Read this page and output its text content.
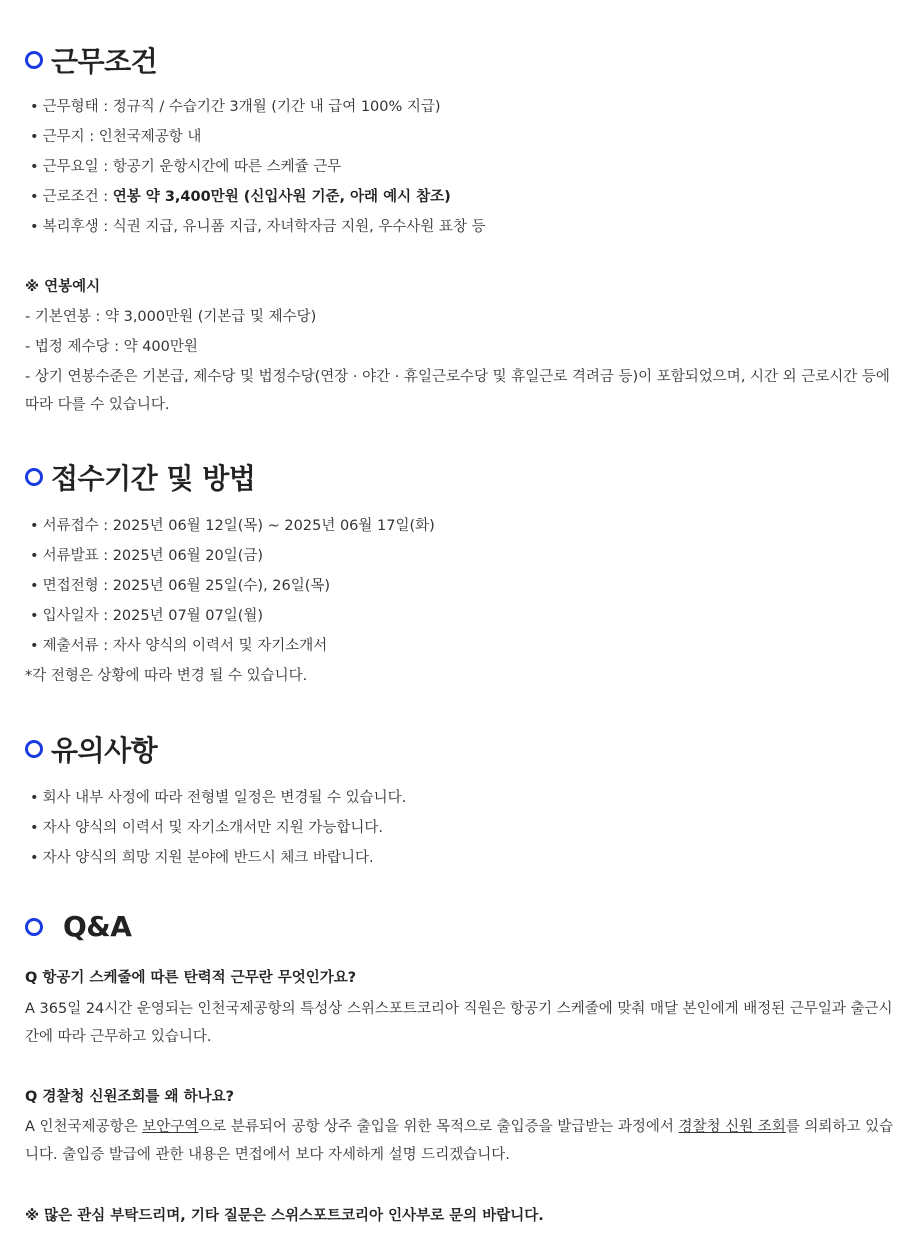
근무조건
• 근무형태 : 정규직 / 수습기간 3개월 (기간 내 급여 100% 지급)
• 근무지 : 인천국제공항 내
• 근무요일 : 항공기 운항시간에 따른 스케쥴 근무
• 근로조건 : 연봉 약 3,400만원 (신입사원 기준, 아래 예시 참조)
• 복리후생 : 식권 지급, 유니폼 지급, 자녀학자금 지원, 우수사원 표창 등
※ 연봉예시
- 기본연봉 : 약 3,000만원 (기본급 및 제수당)
- 법정 제수당 : 약 400만원
- 상기 연봉수준은 기본급, 제수당 및 법정수당(연장 · 야간 · 휴일근로수당 및 휴일근로 격려금 등)이 포함되었으며, 시간 외 근로시간 등에 따라 다를 수 있습니다.
접수기간 및 방법
• 서류접수 : 2025년 06월 12일(목) ~ 2025년 06월 17일(화)
• 서류발표 : 2025년 06월 20일(금)
• 면접전형 : 2025년 06월 25일(수), 26일(목)
• 입사일자 : 2025년 07월 07일(월)
• 제출서류 : 자사 양식의 이력서 및 자기소개서
*각 전형은 상황에 따라 변경 될 수 있습니다.
유의사항
• 회사 내부 사정에 따라 전형별 일정은 변경될 수 있습니다.
• 자사 양식의 이력서 및 자기소개서만 지원 가능합니다.
• 자사 양식의 희망 지원 분야에 반드시 체크 바랍니다.
Q&A
Q 항공기 스케줄에 따른 탄력적 근무란 무엇인가요?
A 365일 24시간 운영되는 인천국제공항의 특성상 스위스포트코리아 직원은 항공기 스케줄에 맞춰 매달 본인에게 배정된 근무일과 출근시간에 따라 근무하고 있습니다.
Q 경찰청 신원조회를 왜 하나요?
A 인천국제공항은 보안구역으로 분류되어 공항 상주 출입을 위한 목적으로 출입증을 발급받는 과정에서 경찰청 신원 조회를 의뢰하고 있습니다. 출입증 발급에 관한 내용은 면접에서 보다 자세하게 설명 드리겠습니다.
※ 많은 관심 부탁드리며, 기타 질문은 스위스포트코리아 인사부로 문의 바랍니다.
